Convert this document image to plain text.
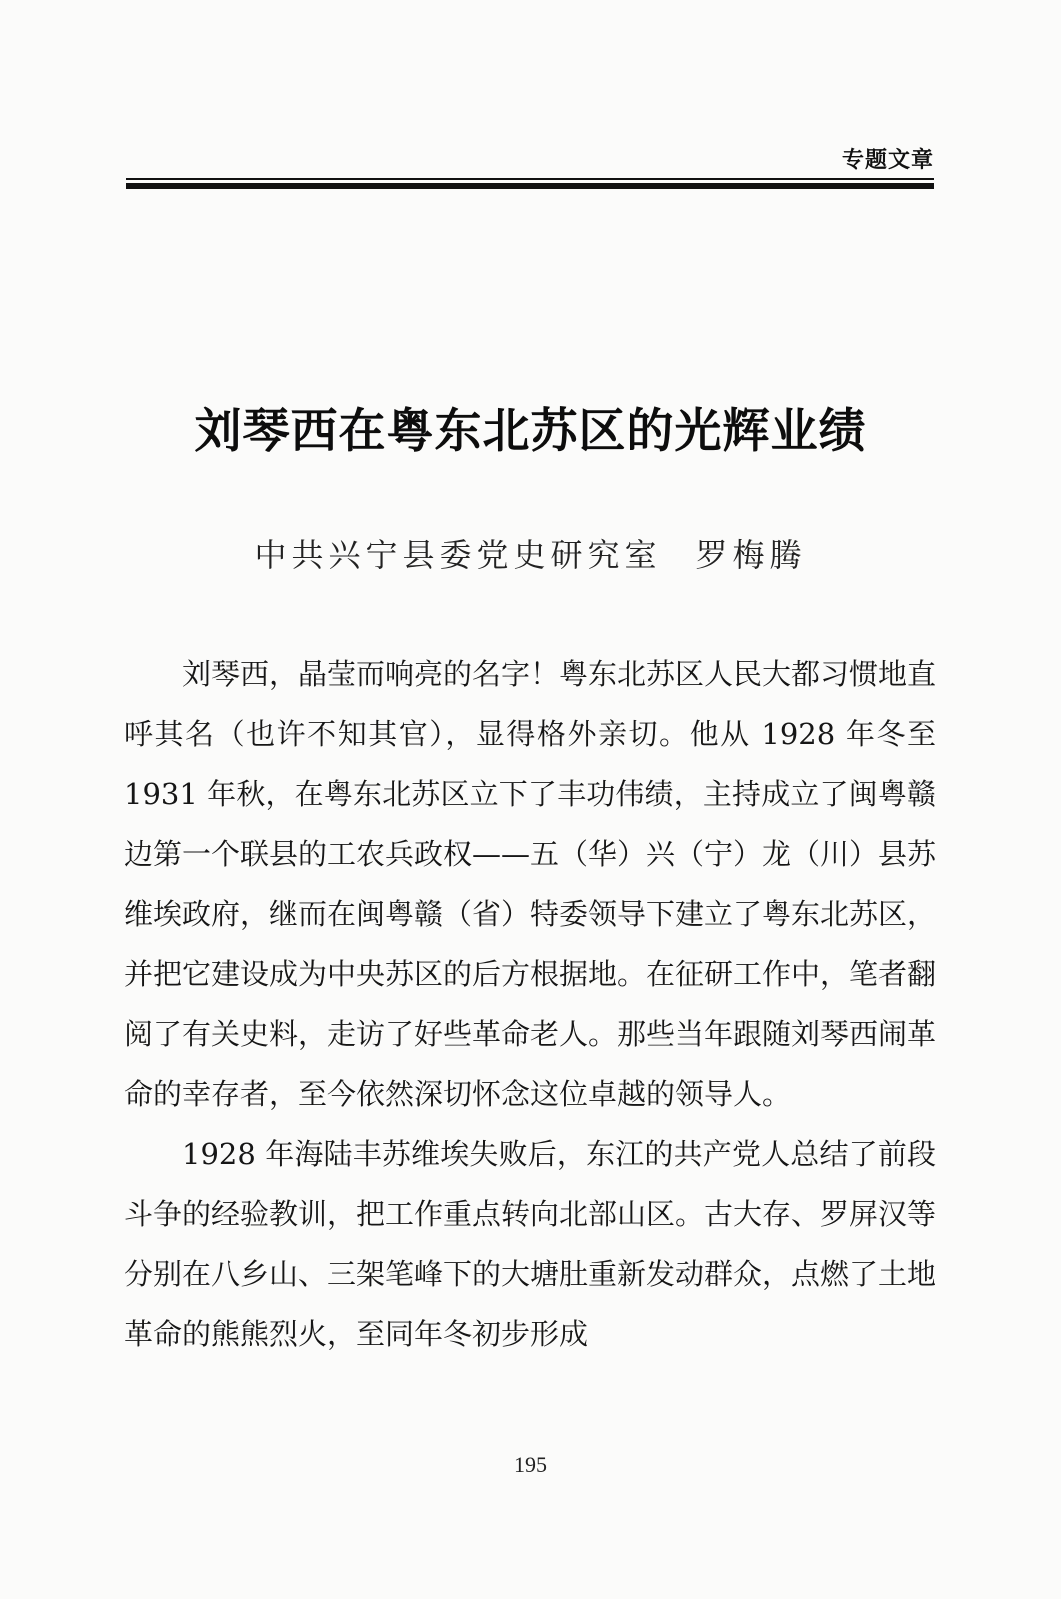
专题文章
刘琴西在粤东北苏区的光辉业绩
中共兴宁县委党史研究室 罗梅腾

刘琴西，晶莹而响亮的名字！粤东北苏区人民大都习惯地直呼其名（也许不知其官），显得格外亲切。他从 1928 年冬至 1931 年秋，在粤东北苏区立下了丰功伟绩，主持成立了闽粤赣边第一个联县的工农兵政权——五（华）兴（宁）龙（川）县苏维埃政府，继而在闽粤赣（省）特委领导下建立了粤东北苏区，并把它建设成为中央苏区的后方根据地。在征研工作中，笔者翻阅了有关史料，走访了好些革命老人。那些当年跟随刘琴西闹革命的幸存者，至今依然深切怀念这位卓越的领导人。

1928 年海陆丰苏维埃失败后，东江的共产党人总结了前段斗争的经验教训，把工作重点转向北部山区。古大存、罗屏汉等分别在八乡山、三架笔峰下的大塘肚重新发动群众，点燃了土地革命的熊熊烈火，至同年冬初步形成

195
